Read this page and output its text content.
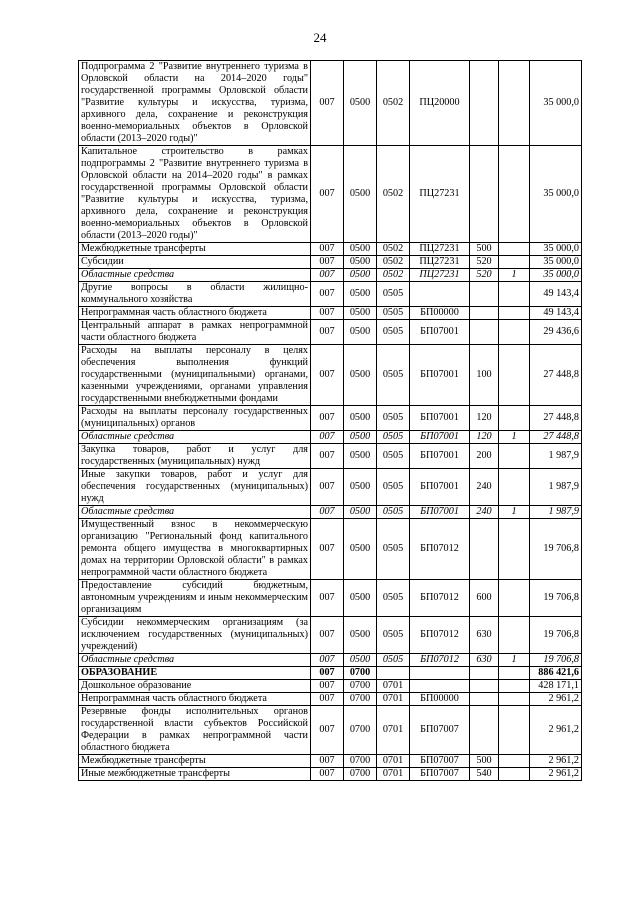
24
Подпрограмма 2 "Развитие внутреннего туризма в Орловской области на 2014–2020 годы" государственной программы Орловской области "Развитие культуры и искусства, туризма, архивного дела, сохранение и реконструкция военно-мемориальных объектов в Орловской области (2013–2020 годы)"	007	0500	0502	ПЦ20000			35 000,0
Капитальное строительство в рамках подпрограммы 2 "Развитие внутреннего туризма в Орловской области на 2014–2020 годы" в рамках государственной программы Орловской области "Развитие культуры и искусства, туризма, архивного дела, сохранение и реконструкция военно-мемориальных объектов в Орловской области (2013–2020 годы)"	007	0500	0502	ПЦ27231			35 000,0
Межбюджетные трансферты	007	0500	0502	ПЦ27231	500		35 000,0
Субсидии	007	0500	0502	ПЦ27231	520		35 000,0
Областные средства	007	0500	0502	ПЦ27231	520	1	35 000,0
Другие вопросы в области жилищно-коммунального хозяйства	007	0500	0505				49 143,4
Непрограммная часть областного бюджета	007	0500	0505	БП00000			49 143,4
Центральный аппарат в рамках непрограммной части областного бюджета	007	0500	0505	БП07001			29 436,6
Расходы на выплаты персоналу в целях обеспечения выполнения функций государственными (муниципальными) органами, казенными учреждениями, органами управления государственными внебюджетными фондами	007	0500	0505	БП07001	100		27 448,8
Расходы на выплаты персоналу государственных (муниципальных) органов	007	0500	0505	БП07001	120		27 448,8
Областные средства	007	0500	0505	БП07001	120	1	27 448,8
Закупка товаров, работ и услуг для государственных (муниципальных) нужд	007	0500	0505	БП07001	200		1 987,9
Иные закупки товаров, работ и услуг для обеспечения государственных (муниципальных) нужд	007	0500	0505	БП07001	240		1 987,9
Областные средства	007	0500	0505	БП07001	240	1	1 987,9
Имущественный взнос в некоммерческую организацию "Региональный фонд капитального ремонта общего имущества в многоквартирных домах на территории Орловской области" в рамках непрограммной части областного бюджета	007	0500	0505	БП07012			19 706,8
Предоставление субсидий бюджетным, автономным учреждениям и иным некоммерческим организациям	007	0500	0505	БП07012	600		19 706,8
Субсидии некоммерческим организациям (за исключением государственных (муниципальных) учреждений)	007	0500	0505	БП07012	630		19 706,8
Областные средства	007	0500	0505	БП07012	630	1	19 706,8
ОБРАЗОВАНИЕ	007	0700					886 421,6
Дошкольное образование	007	0700	0701				428 171,1
Непрограммная часть областного бюджета	007	0700	0701	БП00000			2 961,2
Резервные фонды исполнительных органов государственной власти субъектов Российской Федерации в рамках непрограммной части областного бюджета	007	0700	0701	БП07007			2 961,2
Межбюджетные трансферты	007	0700	0701	БП07007	500		2 961,2
Иные межбюджетные трансферты	007	0700	0701	БП07007	540		2 961,2
